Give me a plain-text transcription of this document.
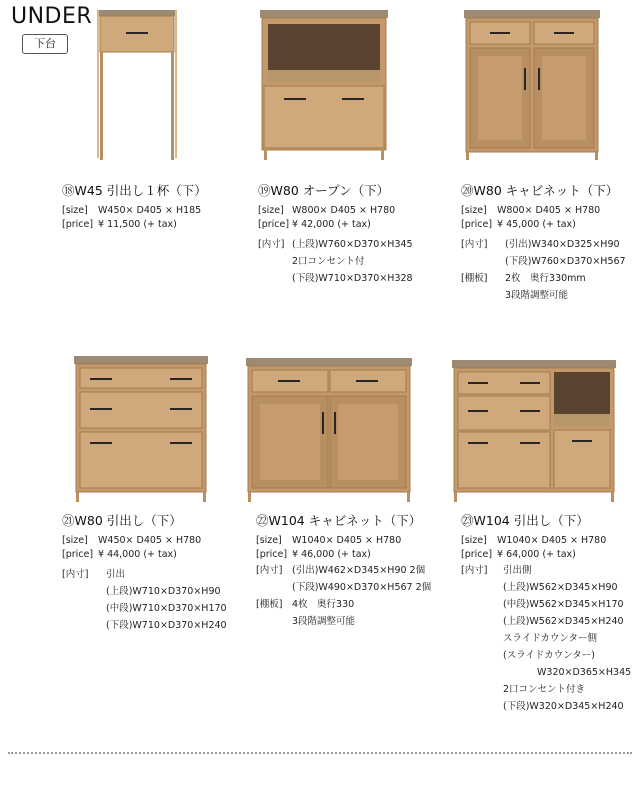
UNDER
下台
⑱W45 引出し１杯（下）
[size]	W450× D405 × H185
[price] ¥ 11,500 (+ tax)
⑲W80 オープン（下）
[size] W800× D405 × H780
[price] ¥ 42,000 (+ tax)
[内寸] (上段)W760×D370×H345
2口コンセント付
(下段)W710×D370×H328
⑳W80 キャビネット（下）
[size]	W800× D405 × H780
[price] ¥ 45,000 (+ tax)
[内寸]	(引出)W340×D325×H90
(下段)W760×D370×H567
[棚板]	2枚　奥行330mm
3段階調整可能
㉑W80 引出し（下）
[size]	W450× D405 × H780
[price] ¥ 44,000 (+ tax)
[内寸]	引出
(上段)W710×D370×H90
(中段)W710×D370×H170
(下段)W710×D370×H240
㉒W104 キャビネット（下）
[size]	W1040× D405 × H780
[price] ¥ 46,000 (+ tax)
[内寸]	(引出)W462×D345×H90 2個
(下段)W490×D370×H567 2個
[棚板]	4枚　奥行330
3段階調整可能
㉓W104 引出し（下）
[size]	W1040× D405 × H780
[price] ¥ 64,000 (+ tax)
[内寸]	引出側
(上段)W562×D345×H90
(中段)W562×D345×H170
(上段)W562×D345×H240
スライドカウンター側
(スライドカウンター)
W320×D365×H345
2口コンセント付き
(下段)W320×D345×H240
